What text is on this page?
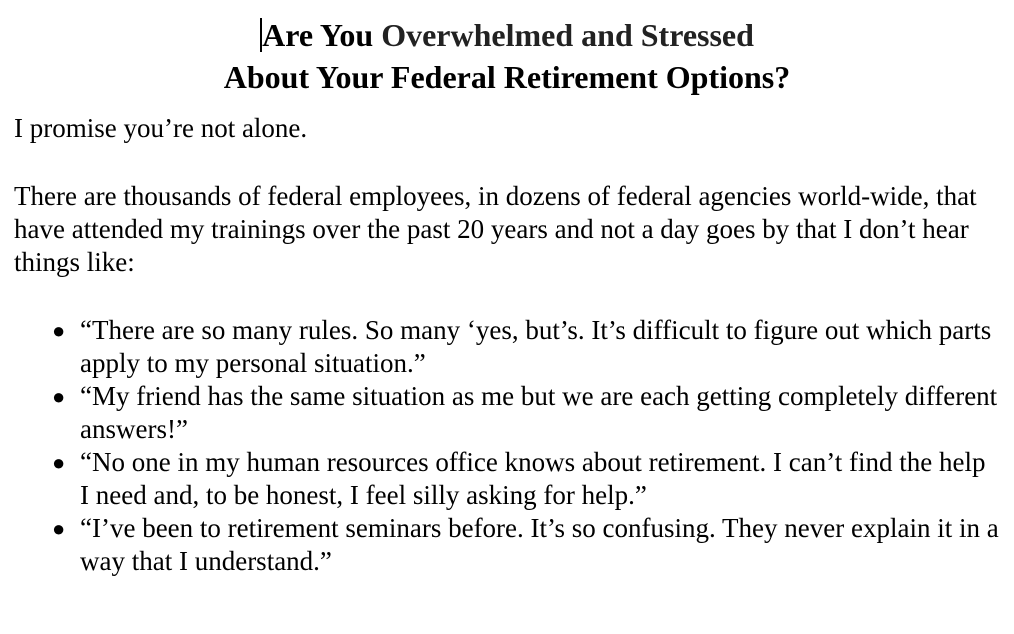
Are You Overwhelmed and Stressed
About Your Federal Retirement Options?

I promise you’re not alone.

There are thousands of federal employees, in dozens of federal agencies world-wide, that have attended my trainings over the past 20 years and not a day goes by that I don’t hear things like:

● “There are so many rules. So many ‘yes, but’s. It’s difficult to figure out which parts apply to my personal situation.”
● “My friend has the same situation as me but we are each getting completely different answers!”
● “No one in my human resources office knows about retirement. I can’t find the help I need and, to be honest, I feel silly asking for help.”
● “I’ve been to retirement seminars before. It’s so confusing. They never explain it in a way that I understand.”
